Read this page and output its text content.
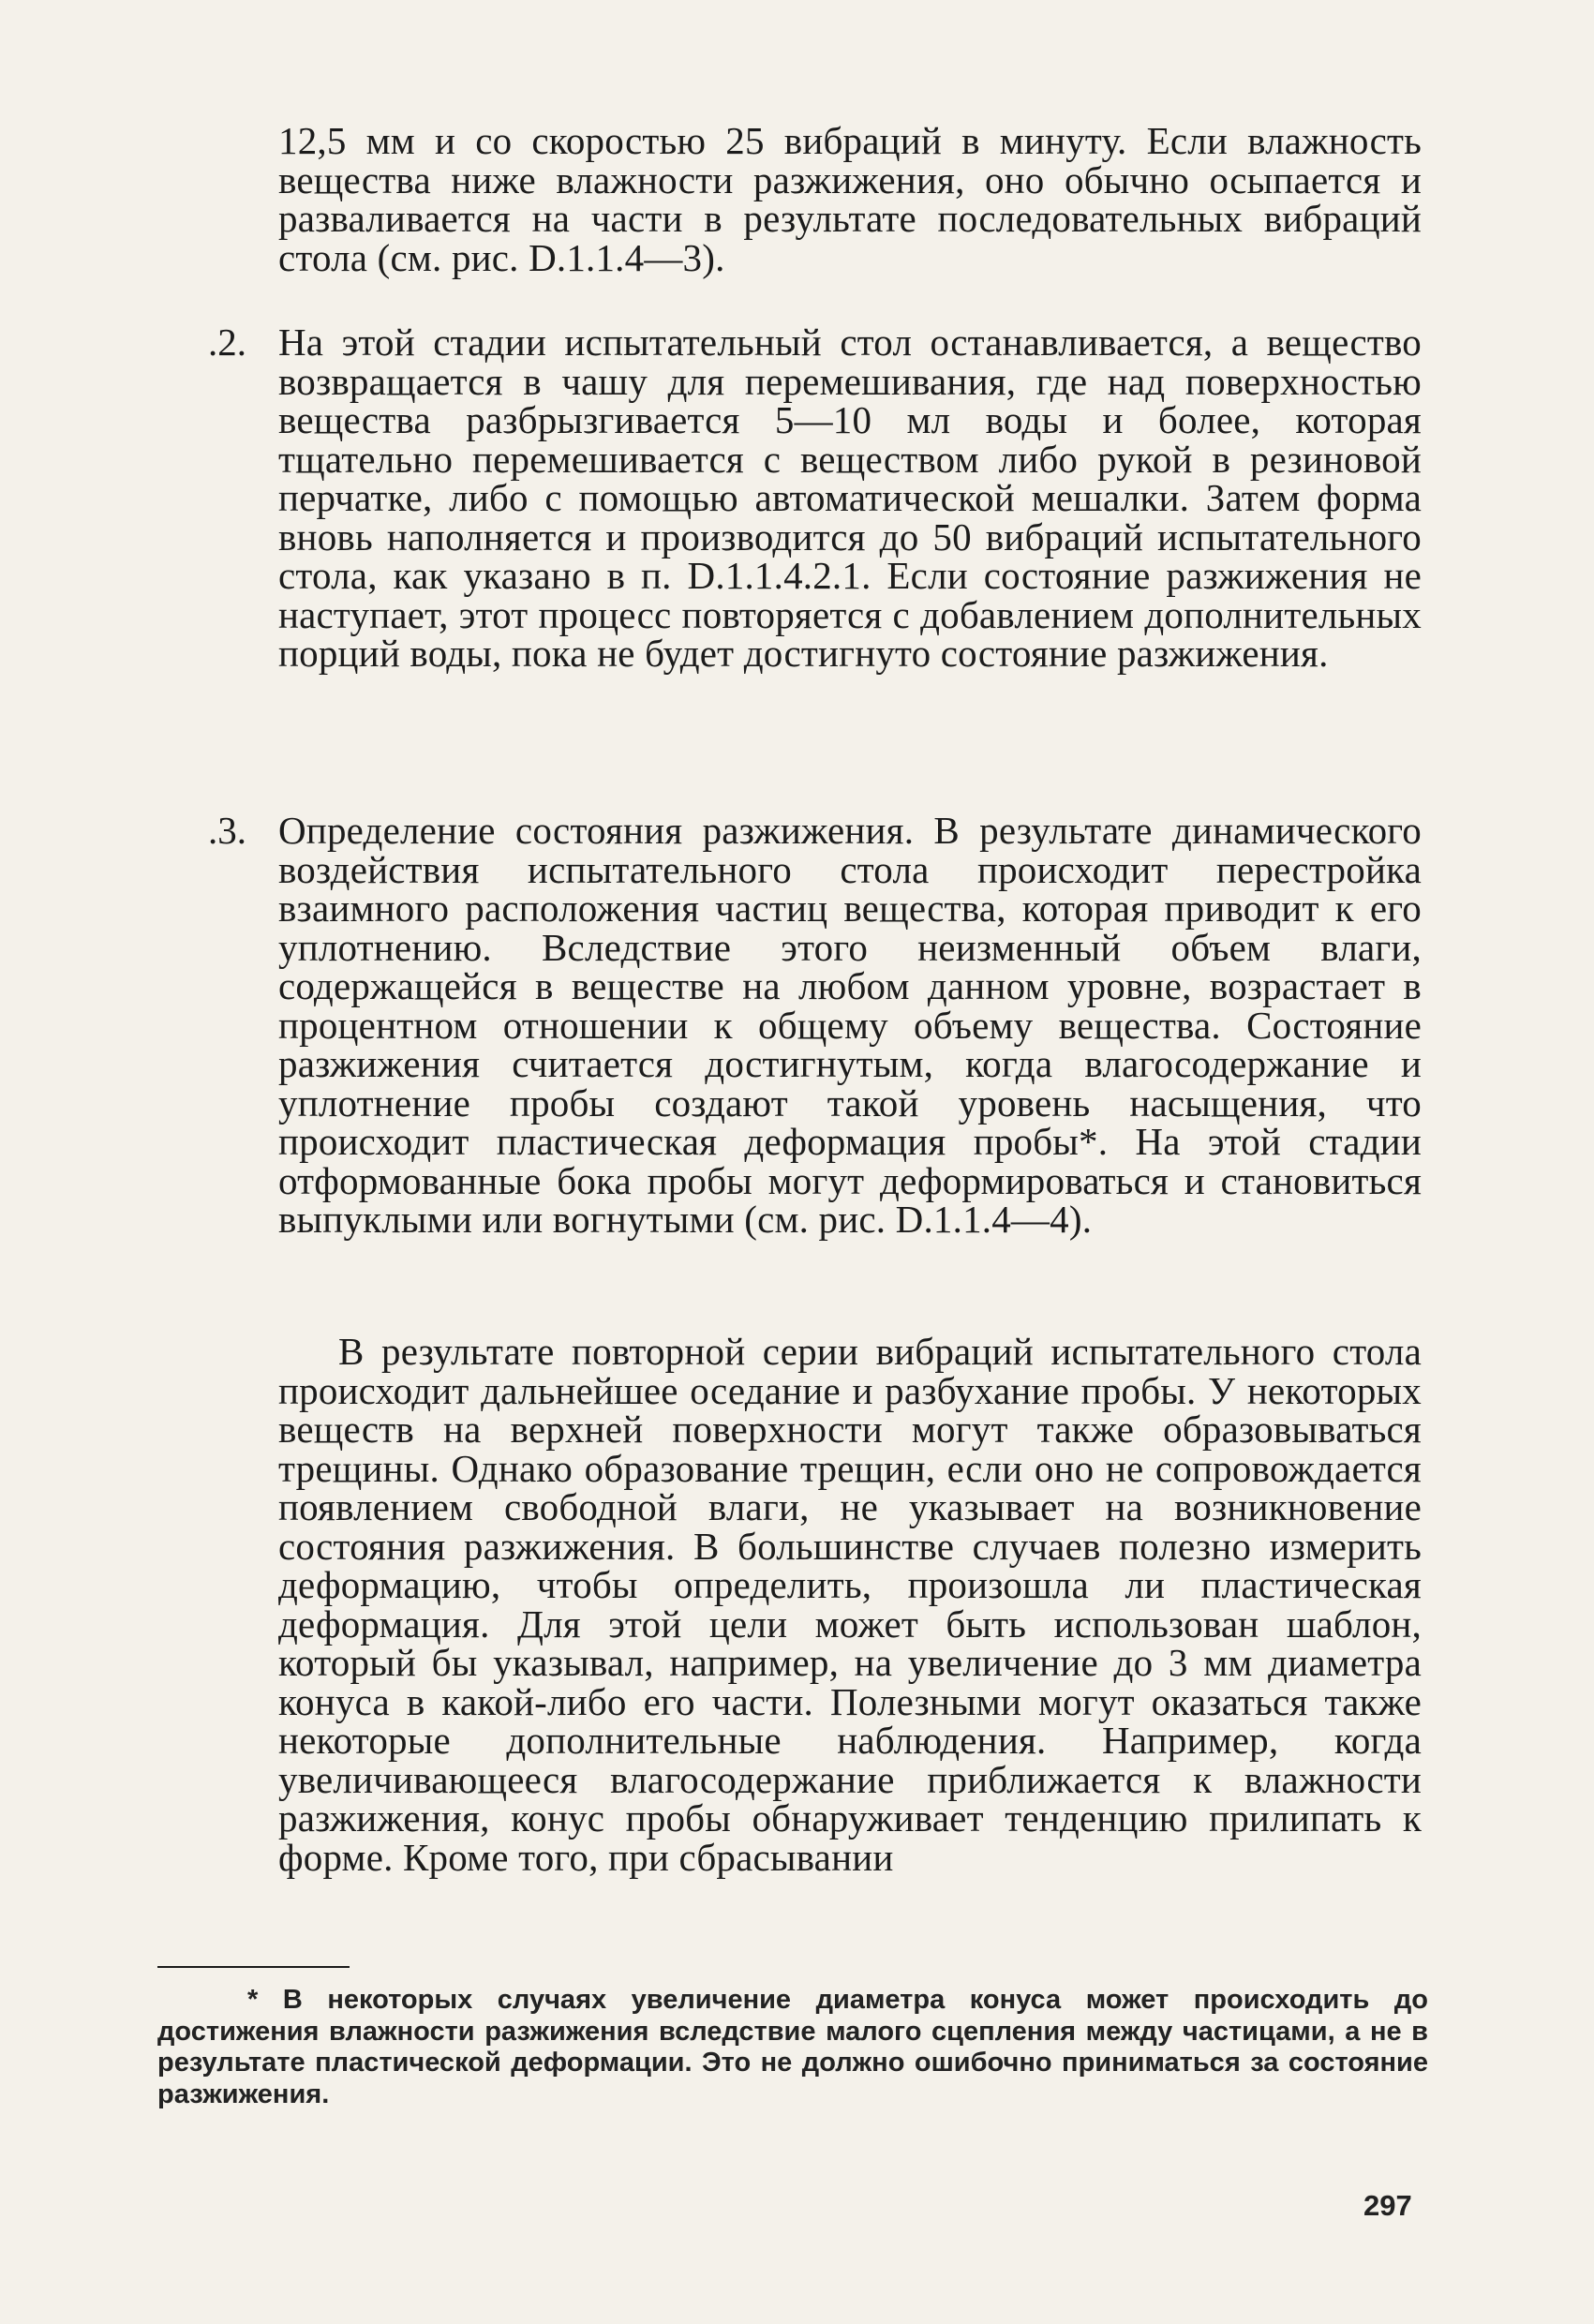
12,5 мм и со скоростью 25 вибраций в минуту. Если влажность вещества ниже влажности разжижения, оно обычно осыпается и разваливается на части в результате последовательных вибраций стола (см. рис. D.1.1.4—3).

.2. На этой стадии испытательный стол останавливается, а вещество возвращается в чашу для перемешивания, где над поверхностью вещества разбрызгивается 5—10 мл воды и более, которая тщательно перемешивается с веществом либо рукой в резиновой перчатке, либо с помощью автоматической мешалки. Затем форма вновь наполняется и производится до 50 вибраций испытательного стола, как указано в п. D.1.1.4.2.1. Если состояние разжижения не наступает, этот процесс повторяется с добавлением дополнительных порций воды, пока не будет достигнуто состояние разжижения.

.3. Определение состояния разжижения. В результате динамического воздействия испытательного стола происходит перестройка взаимного расположения частиц вещества, которая приводит к его уплотнению. Вследствие этого неизменный объем влаги, содержащейся в веществе на любом данном уровне, возрастает в процентном отношении к общему объему вещества. Состояние разжижения считается достигнутым, когда влагосодержание и уплотнение пробы создают такой уровень насыщения, что происходит пластическая деформация пробы*. На этой стадии отформованные бока пробы могут деформироваться и становиться выпуклыми или вогнутыми (см. рис. D.1.1.4—4).

В результате повторной серии вибраций испытательного стола происходит дальнейшее оседание и разбухание пробы. У некоторых веществ на верхней поверхности могут также образовываться трещины. Однако образование трещин, если оно не сопровождается появлением свободной влаги, не указывает на возникновение состояния разжижения. В большинстве случаев полезно измерить деформацию, чтобы определить, произошла ли пластическая деформация. Для этой цели может быть использован шаблон, который бы указывал, например, на увеличение до 3 мм диаметра конуса в какой-либо его части. Полезными могут оказаться также некоторые дополнительные наблюдения. Например, когда увеличивающееся влагосодержание приближается к влажности разжижения, конус пробы обнаруживает тенденцию прилипать к форме. Кроме того, при сбрасывании

* В некоторых случаях увеличение диаметра конуса может происходить до достижения влажности разжижения вследствие малого сцепления между частицами, а не в результате пластической деформации. Это не должно ошибочно приниматься за состояние разжижения.

297
